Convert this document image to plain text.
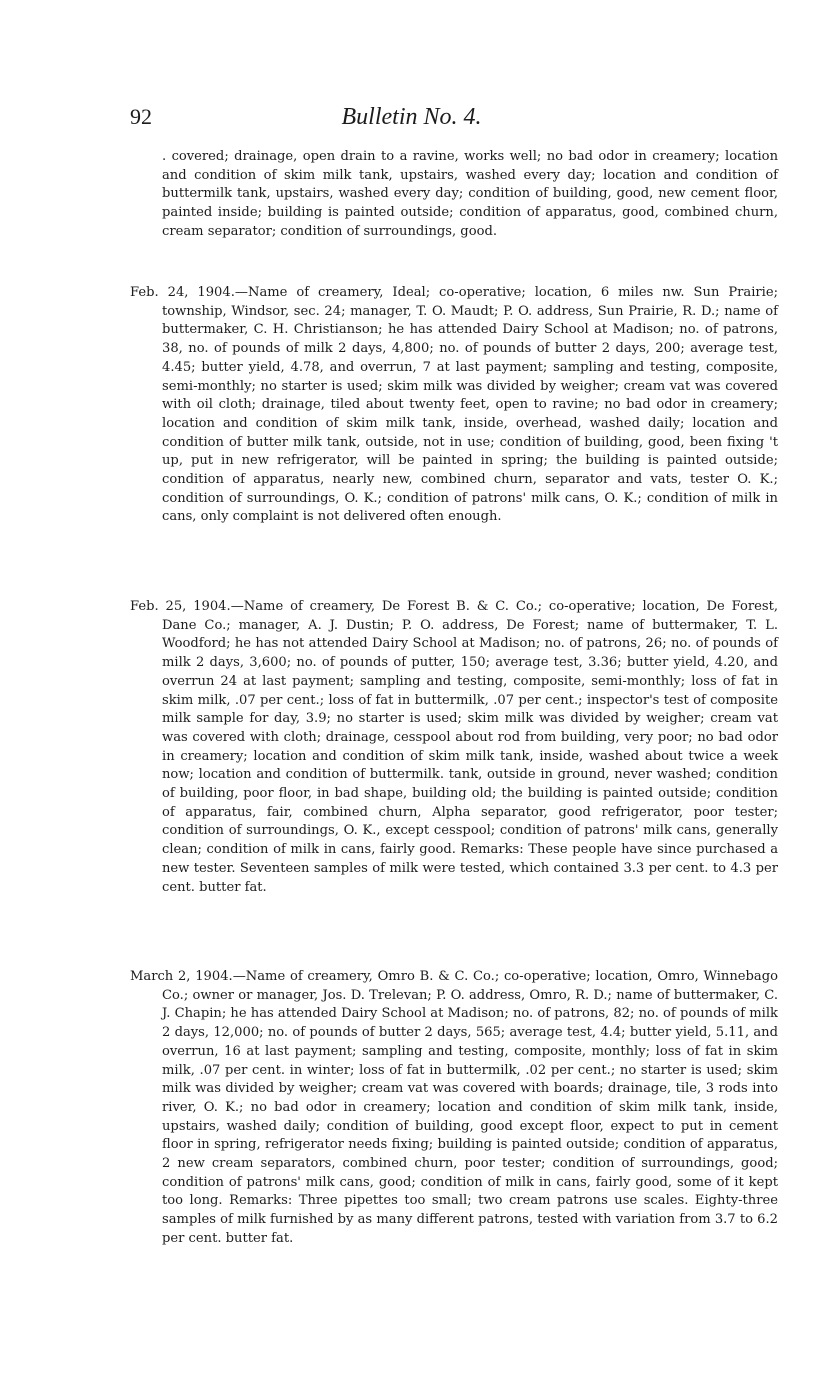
92	Bulletin No. 4.

. covered; drainage, open drain to a ravine, works well; no bad odor in creamery; location and condition of skim milk tank, upstairs, washed every day; location and condition of buttermilk tank, upstairs, washed every day; condition of building, good, new cement floor, painted inside; building is painted outside; condition of apparatus, good, combined churn, cream separator; condition of surroundings, good.

Feb. 24, 1904.—Name of creamery, Ideal; co-operative; location, 6 miles nw. Sun Prairie; township, Windsor, sec. 24; manager, T. O. Maudt; P. O. address, Sun Prairie, R. D.; name of buttermaker, C. H. Christianson; he has attended Dairy School at Madison; no. of patrons, 38, no. of pounds of milk 2 days, 4,800; no. of pounds of butter 2 days, 200; average test, 4.45; butter yield, 4.78, and overrun, 7 at last payment; sampling and testing, composite, semi-monthly; no starter is used; skim milk was divided by weigher; cream vat was covered with oil cloth; drainage, tiled about twenty feet, open to ravine; no bad odor in creamery; location and condition of skim milk tank, inside, overhead, washed daily; location and condition of butter milk tank, outside, not in use; condition of building, good, been fixing 't up, put in new refrigerator, will be painted in spring; the building is painted outside; condition of apparatus, nearly new, combined churn, separator and vats, tester O. K.; condition of surroundings, O. K.; condition of patrons' milk cans, O. K.; condition of milk in cans, only complaint is not delivered often enough.

Feb. 25, 1904.—Name of creamery, De Forest B. & C. Co.; co-operative; location, De Forest, Dane Co.; manager, A. J. Dustin; P. O. address, De Forest; name of buttermaker, T. L. Woodford; he has not attended Dairy School at Madison; no. of patrons, 26; no. of pounds of milk 2 days, 3,600; no. of pounds of putter, 150; average test, 3.36; butter yield, 4.20, and overrun 24 at last payment; sampling and testing, composite, semi-monthly; loss of fat in skim milk, .07 per cent.; loss of fat in buttermilk, .07 per cent.; inspector's test of composite milk sample for day, 3.9; no starter is used; skim milk was divided by weigher; cream vat was covered with cloth; drainage, cesspool about rod from building, very poor; no bad odor in creamery; location and condition of skim milk tank, inside, washed about twice a week now; location and condition of buttermilk. tank, outside in ground, never washed; condition of building, poor floor, in bad shape, building old; the building is painted outside; condition of apparatus, fair, combined churn, Alpha separator, good refrigerator, poor tester; condition of surroundings, O. K., except cesspool; condition of patrons' milk cans, generally clean; condition of milk in cans, fairly good. Remarks: These people have since purchased a new tester. Seventeen samples of milk were tested, which contained 3.3 per cent. to 4.3 per cent. butter fat.

March 2, 1904.—Name of creamery, Omro B. & C. Co.; co-operative; location, Omro, Winnebago Co.; owner or manager, Jos. D. Trelevan; P. O. address, Omro, R. D.; name of buttermaker, C. J. Chapin; he has attended Dairy School at Madison; no. of patrons, 82; no. of pounds of milk 2 days, 12,000; no. of pounds of butter 2 days, 565; average test, 4.4; butter yield, 5.11, and overrun, 16 at last payment; sampling and testing, composite, monthly; loss of fat in skim milk, .07 per cent. in winter; loss of fat in buttermilk, .02 per cent.; no starter is used; skim milk was divided by weigher; cream vat was covered with boards; drainage, tile, 3 rods into river, O. K.; no bad odor in creamery; location and condition of skim milk tank, inside, upstairs, washed daily; condition of building, good except floor, expect to put in cement floor in spring, refrigerator needs fixing; building is painted outside; condition of apparatus, 2 new cream separators, combined churn, poor tester; condition of surroundings, good; condition of patrons' milk cans, good; condition of milk in cans, fairly good, some of it kept too long. Remarks: Three pipettes too small; two cream patrons use scales. Eighty-three samples of milk furnished by as many different patrons, tested with variation from 3.7 to 6.2 per cent. butter fat.
